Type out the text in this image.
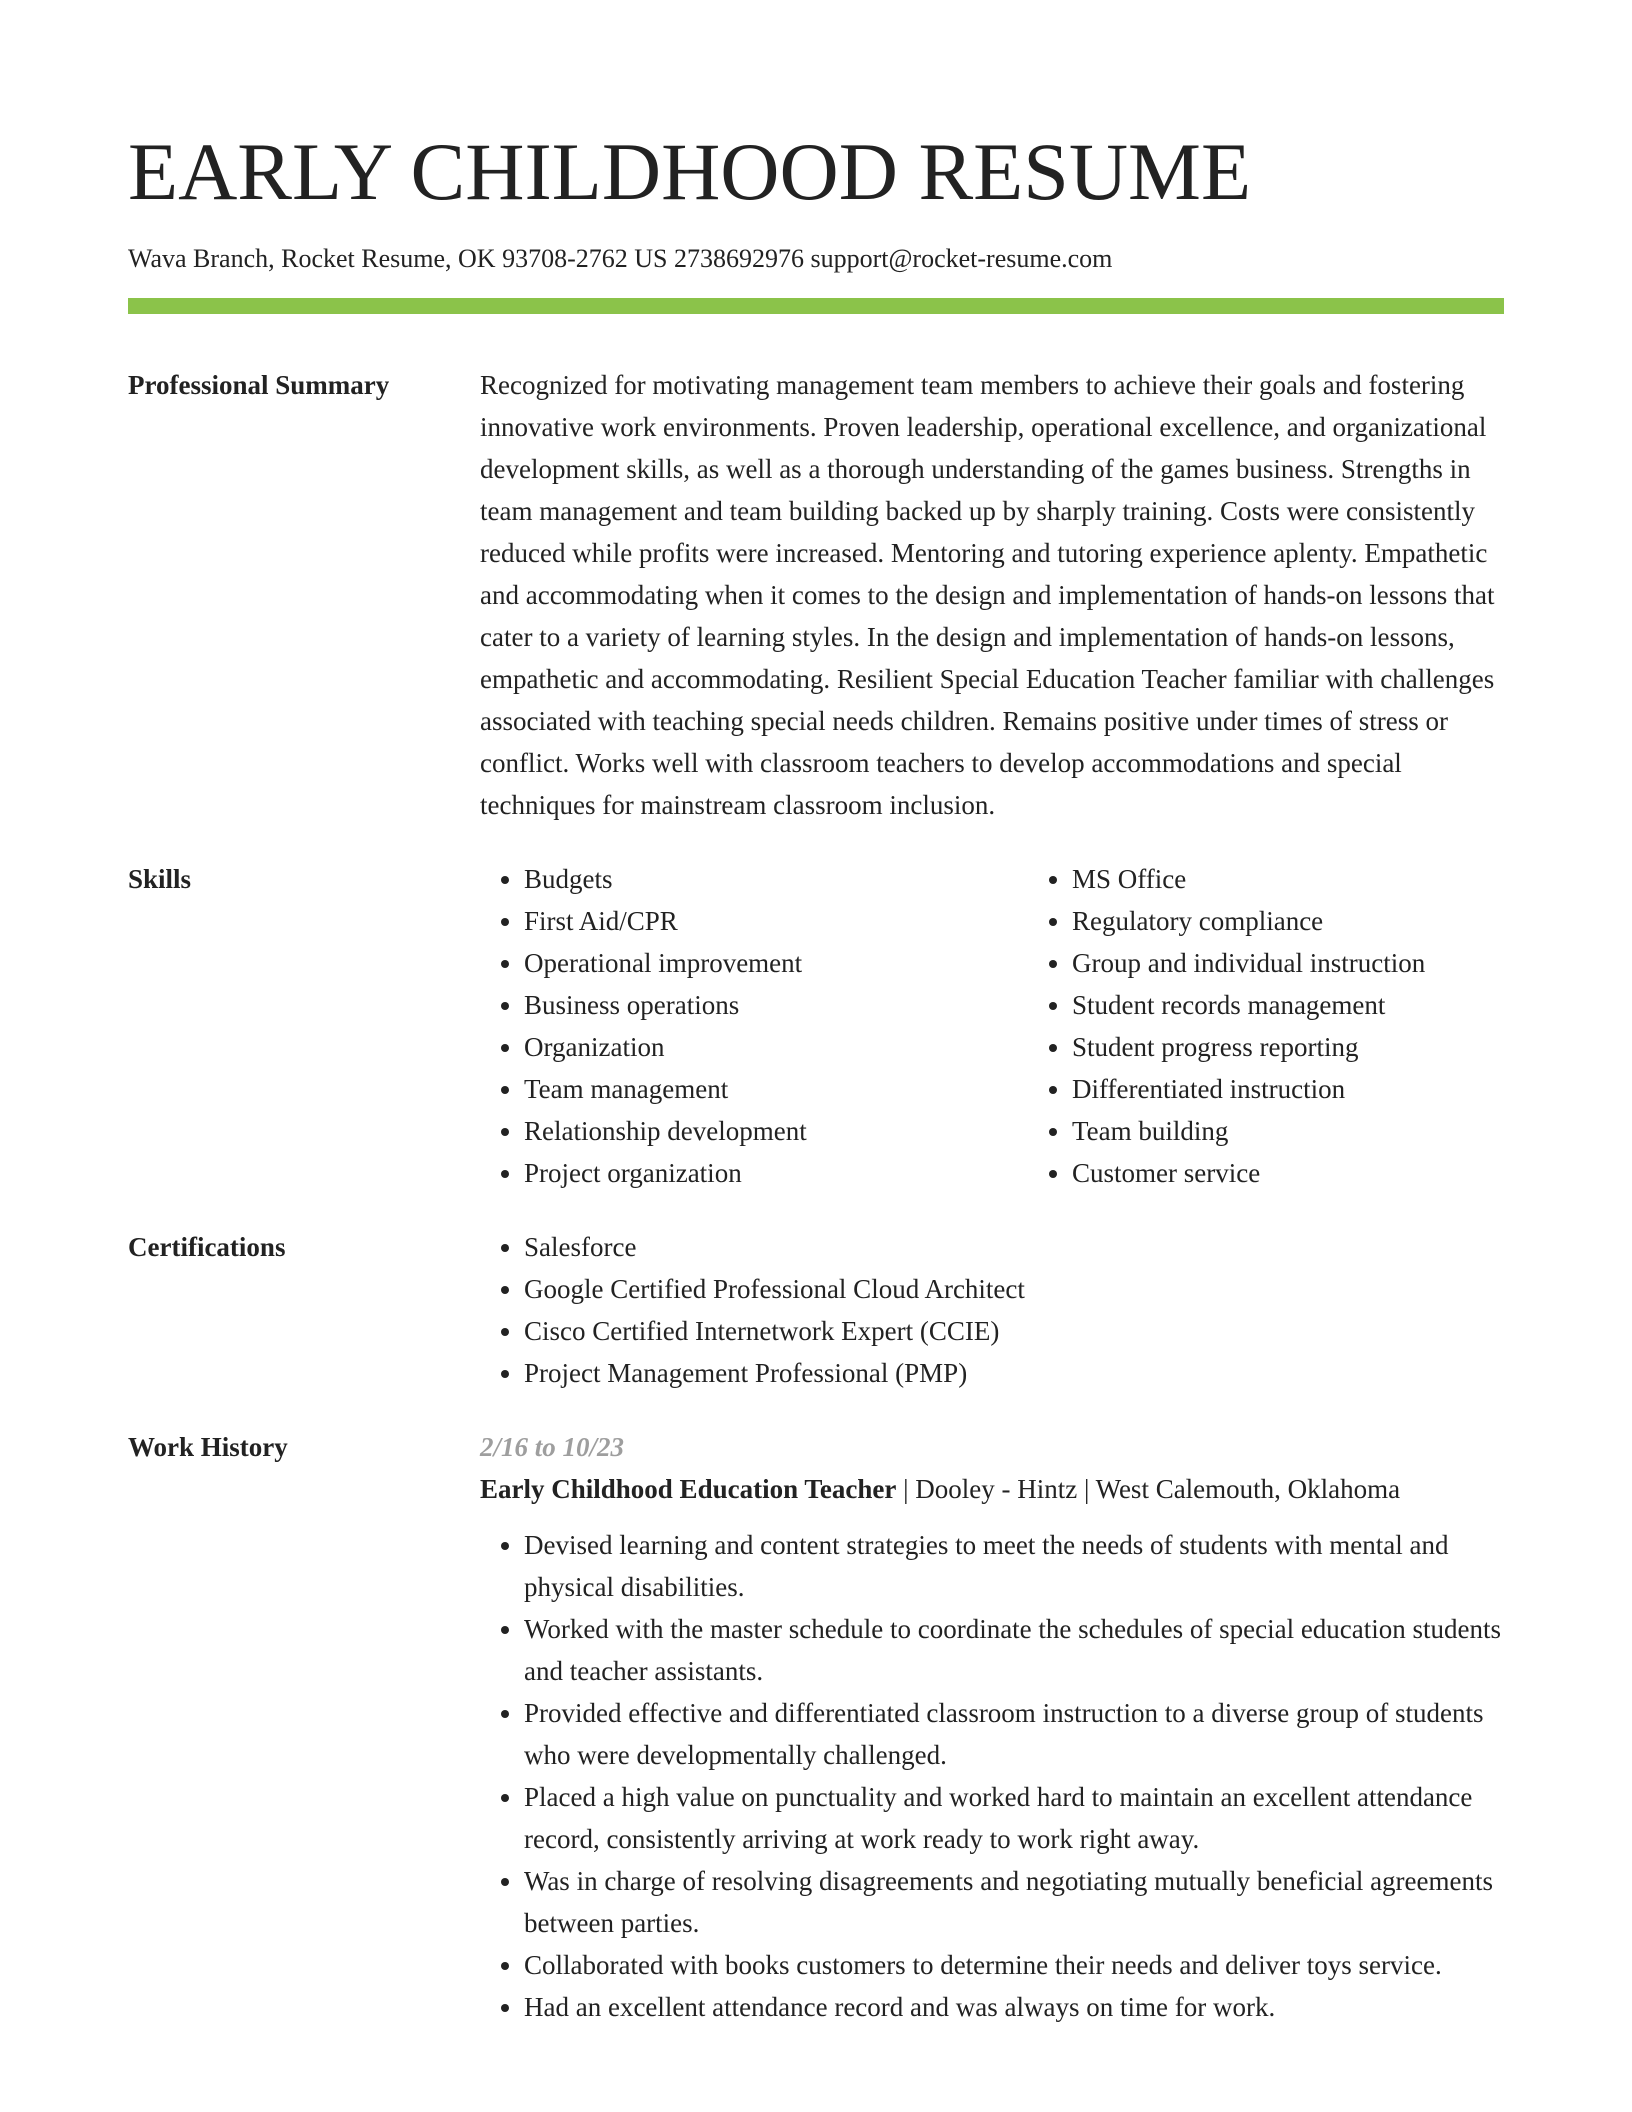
EARLY CHILDHOOD RESUME
Wava Branch, Rocket Resume, OK 93708-2762 US 2738692976 support@rocket-resume.com
Professional Summary	Recognized for motivating management team members to achieve their goals and fostering innovative work environments. Proven leadership, operational excellence, and organizational development skills, as well as a thorough understanding of the games business. Strengths in team management and team building backed up by sharply training. Costs were consistently reduced while profits were increased. Mentoring and tutoring experience aplenty. Empathetic and accommodating when it comes to the design and implementation of hands-on lessons that cater to a variety of learning styles. In the design and implementation of hands-on lessons, empathetic and accommodating. Resilient Special Education Teacher familiar with challenges associated with teaching special needs children. Remains positive under times of stress or conflict. Works well with classroom teachers to develop accommodations and special techniques for mainstream classroom inclusion.

Skills	• Budgets
• First Aid/CPR
• Operational improvement
• Business operations
• Organization
• Team management
• Relationship development
• Project organization
• MS Office
• Regulatory compliance
• Group and individual instruction
• Student records management
• Student progress reporting
• Differentiated instruction
• Team building
• Customer service
Certifications	• Salesforce
• Google Certified Professional Cloud Architect
• Cisco Certified Internetwork Expert (CCIE)
• Project Management Professional (PMP)
Work History	2/16 to 10/23
Early Childhood Education Teacher | Dooley - Hintz | West Calemouth, Oklahoma
• Devised learning and content strategies to meet the needs of students with mental and physical disabilities.
• Worked with the master schedule to coordinate the schedules of special education students and teacher assistants.
• Provided effective and differentiated classroom instruction to a diverse group of students who were developmentally challenged.
• Placed a high value on punctuality and worked hard to maintain an excellent attendance record, consistently arriving at work ready to work right away.
• Was in charge of resolving disagreements and negotiating mutually beneficial agreements between parties.
• Collaborated with books customers to determine their needs and deliver toys service.
• Had an excellent attendance record and was always on time for work.
